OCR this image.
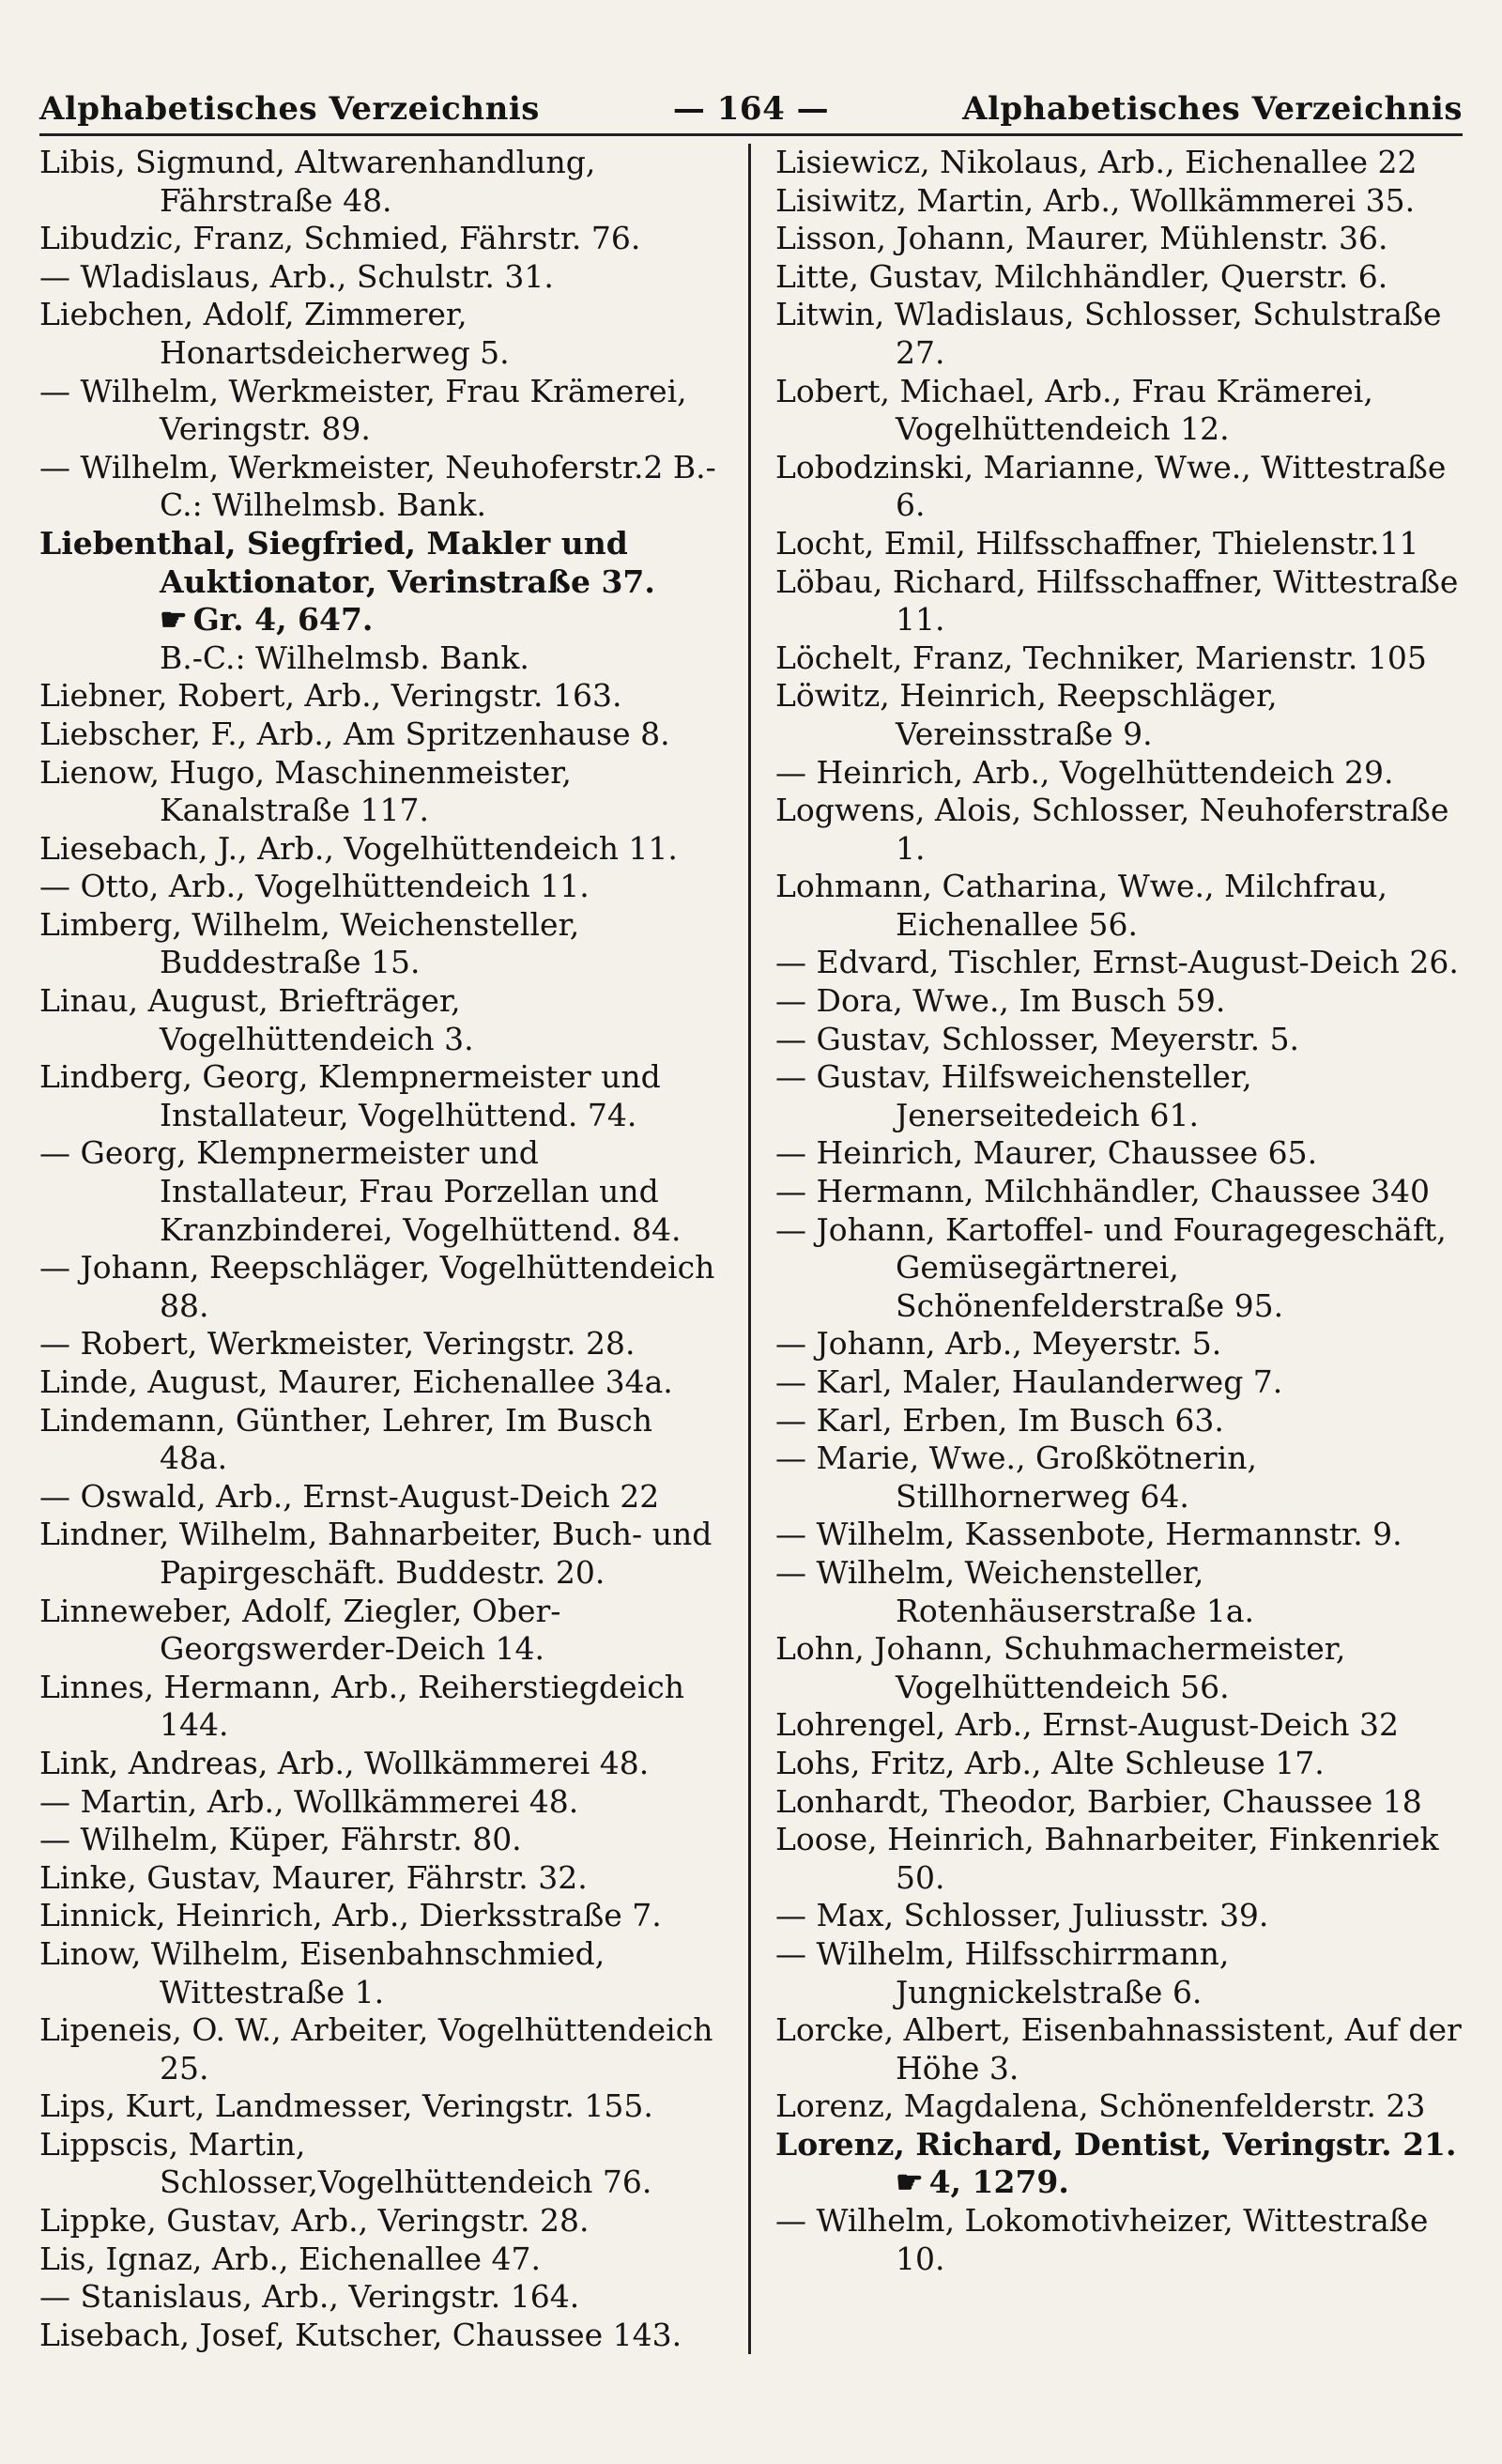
Alphabetisches Verzeichnis	— 164 —	Alphabetisches Verzeichnis
Libis, Sigmund, Altwarenhandlung, Fährstraße 48.
Libudzic, Franz, Schmied, Fährstr. 76.
— Wladislaus, Arb., Schulstr. 31.
Liebchen, Adolf, Zimmerer, Honartsdeicherweg 5.
— Wilhelm, Werkmeister, Frau Krämerei, Veringstr. 89.
— Wilhelm, Werkmeister, Neuhoferstr.2 B.-C.: Wilhelmsb. Bank.
Liebenthal, Siegfried, Makler und Auktionator, Verinstraße 37.
☛ Gr. 4, 647.
B.-C.: Wilhelmsb. Bank.
Liebner, Robert, Arb., Veringstr. 163.
Liebscher, F., Arb., Am Spritzenhause 8.
Lienow, Hugo, Maschinenmeister, Kanalstraße 117.
Liesebach, J., Arb., Vogelhüttendeich 11.
— Otto, Arb., Vogelhüttendeich 11.
Limberg, Wilhelm, Weichensteller, Buddestraße 15.
Linau, August, Briefträger, Vogelhüttendeich 3.
Lindberg, Georg, Klempnermeister und Installateur, Vogelhüttend. 74.
— Georg, Klempnermeister und Installateur, Frau Porzellan und Kranzbinderei, Vogelhüttend. 84.
— Johann, Reepschläger, Vogelhüttendeich 88.
— Robert, Werkmeister, Veringstr. 28.
Linde, August, Maurer, Eichenallee 34a.
Lindemann, Günther, Lehrer, Im Busch 48a.
— Oswald, Arb., Ernst-August-Deich 22
Lindner, Wilhelm, Bahnarbeiter, Buch- und Papirgeschäft. Buddestr. 20.
Linneweber, Adolf, Ziegler, Ober-Georgswerder-Deich 14.
Linnes, Hermann, Arb., Reiherstiegdeich 144.
Link, Andreas, Arb., Wollkämmerei 48.
— Martin, Arb., Wollkämmerei 48.
— Wilhelm, Küper, Fährstr. 80.
Linke, Gustav, Maurer, Fährstr. 32.
Linnick, Heinrich, Arb., Dierksstraße 7.
Linow, Wilhelm, Eisenbahnschmied, Wittestraße 1.
Lipeneis, O. W., Arbeiter, Vogelhüttendeich 25.
Lips, Kurt, Landmesser, Veringstr. 155.
Lippscis, Martin, Schlosser,Vogelhüttendeich 76.
Lippke, Gustav, Arb., Veringstr. 28.
Lis, Ignaz, Arb., Eichenallee 47.
— Stanislaus, Arb., Veringstr. 164.
Lisebach, Josef, Kutscher, Chaussee 143.
Lisiewicz, Nikolaus, Arb., Eichenallee 22
Lisiwitz, Martin, Arb., Wollkämmerei 35.
Lisson, Johann, Maurer, Mühlenstr. 36.
Litte, Gustav, Milchhändler, Querstr. 6.
Litwin, Wladislaus, Schlosser, Schulstraße 27.
Lobert, Michael, Arb., Frau Krämerei, Vogelhüttendeich 12.
Lobodzinski, Marianne, Wwe., Wittestraße 6.
Locht, Emil, Hilfsschaffner, Thielenstr.11
Löbau, Richard, Hilfsschaffner, Wittestraße 11.
Löchelt, Franz, Techniker, Marienstr. 105
Löwitz, Heinrich, Reepschläger, Vereinsstraße 9.
— Heinrich, Arb., Vogelhüttendeich 29.
Logwens, Alois, Schlosser, Neuhoferstraße 1.
Lohmann, Catharina, Wwe., Milchfrau, Eichenallee 56.
— Edvard, Tischler, Ernst-August-Deich 26.
— Dora, Wwe., Im Busch 59.
— Gustav, Schlosser, Meyerstr. 5.
— Gustav, Hilfsweichensteller, Jenerseitedeich 61.
— Heinrich, Maurer, Chaussee 65.
— Hermann, Milchhändler, Chaussee 340
— Johann, Kartoffel- und Fouragegeschäft, Gemüsegärtnerei, Schönenfelderstraße 95.
— Johann, Arb., Meyerstr. 5.
— Karl, Maler, Haulanderweg 7.
— Karl, Erben, Im Busch 63.
— Marie, Wwe., Großkötnerin, Stillhornerweg 64.
— Wilhelm, Kassenbote, Hermannstr. 9.
— Wilhelm, Weichensteller, Rotenhäuserstraße 1a.
Lohn, Johann, Schuhmachermeister, Vogelhüttendeich 56.
Lohrengel, Arb., Ernst-August-Deich 32
Lohs, Fritz, Arb., Alte Schleuse 17.
Lonhardt, Theodor, Barbier, Chaussee 18
Loose, Heinrich, Bahnarbeiter, Finkenriek 50.
— Max, Schlosser, Juliusstr. 39.
— Wilhelm, Hilfsschirrmann, Jungnickelstraße 6.
Lorcke, Albert, Eisenbahnassistent, Auf der Höhe 3.
Lorenz, Magdalena, Schönenfelderstr. 23
Lorenz, Richard, Dentist, Veringstr. 21.
☛ 4, 1279.
— Wilhelm, Lokomotivheizer, Wittestraße 10.
